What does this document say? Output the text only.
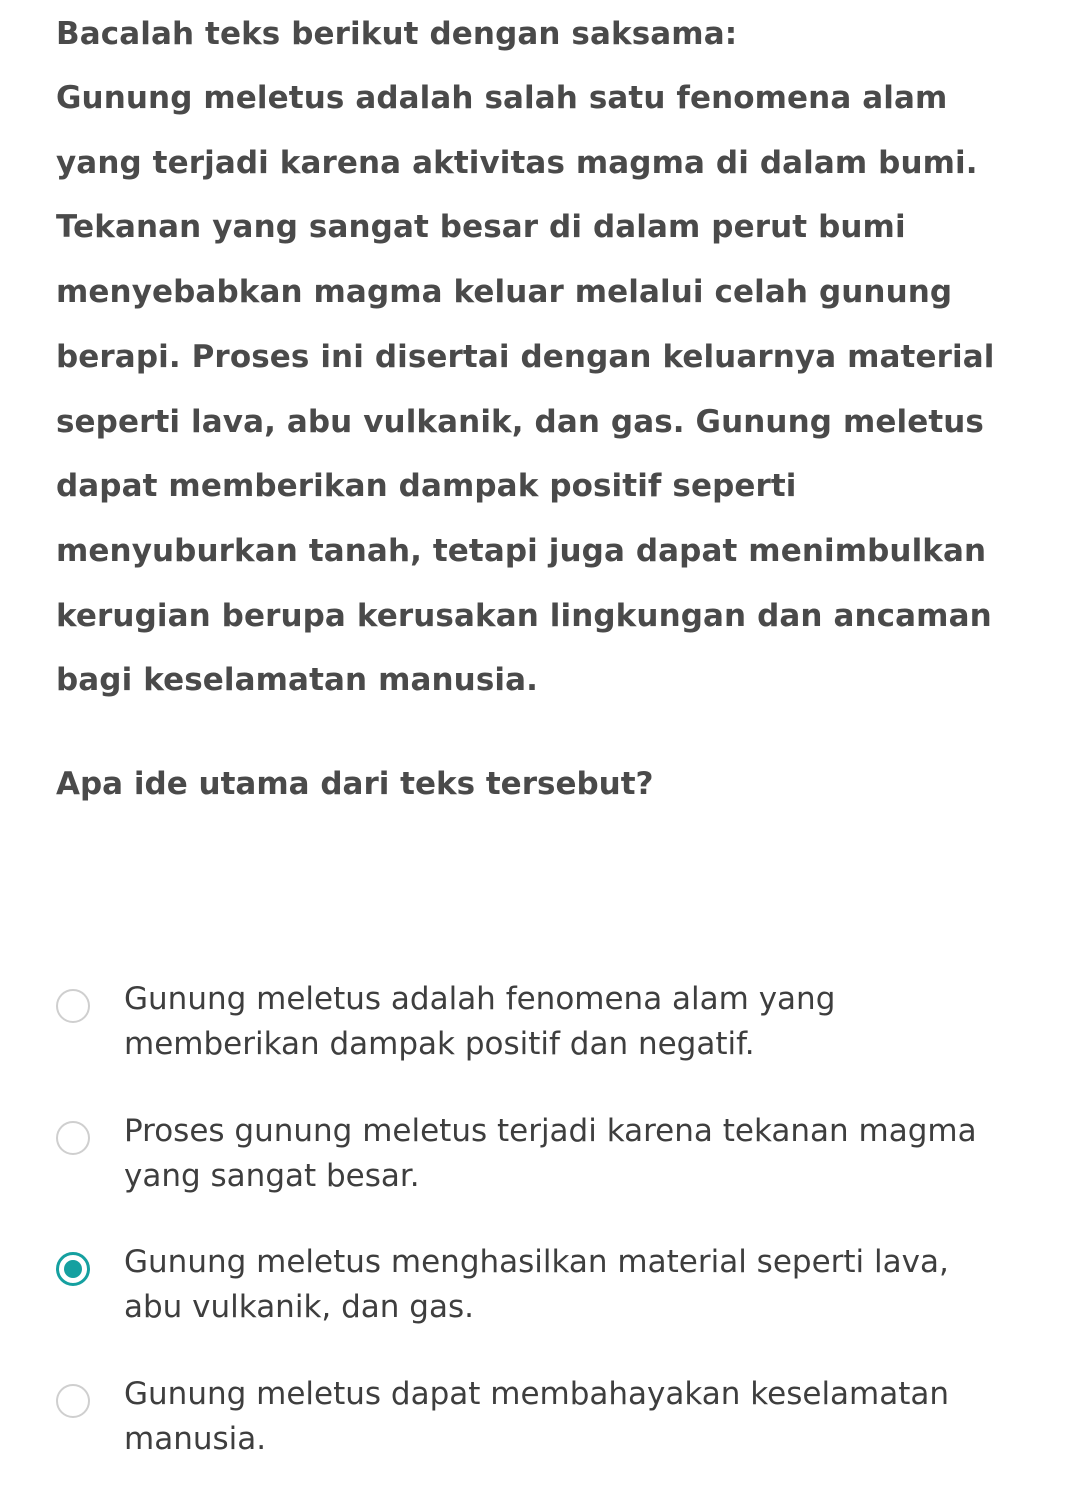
Bacalah teks berikut dengan saksama:
Gunung meletus adalah salah satu fenomena alam
yang terjadi karena aktivitas magma di dalam bumi.
Tekanan yang sangat besar di dalam perut bumi
menyebabkan magma keluar melalui celah gunung
berapi. Proses ini disertai dengan keluarnya material
seperti lava, abu vulkanik, dan gas. Gunung meletus
dapat memberikan dampak positif seperti
menyuburkan tanah, tetapi juga dapat menimbulkan
kerugian berupa kerusakan lingkungan dan ancaman
bagi keselamatan manusia.
Apa ide utama dari teks tersebut?
Gunung meletus adalah fenomena alam yang
memberikan dampak positif dan negatif.
Proses gunung meletus terjadi karena tekanan magma
yang sangat besar.
Gunung meletus menghasilkan material seperti lava,
abu vulkanik, dan gas.
Gunung meletus dapat membahayakan keselamatan
manusia.
